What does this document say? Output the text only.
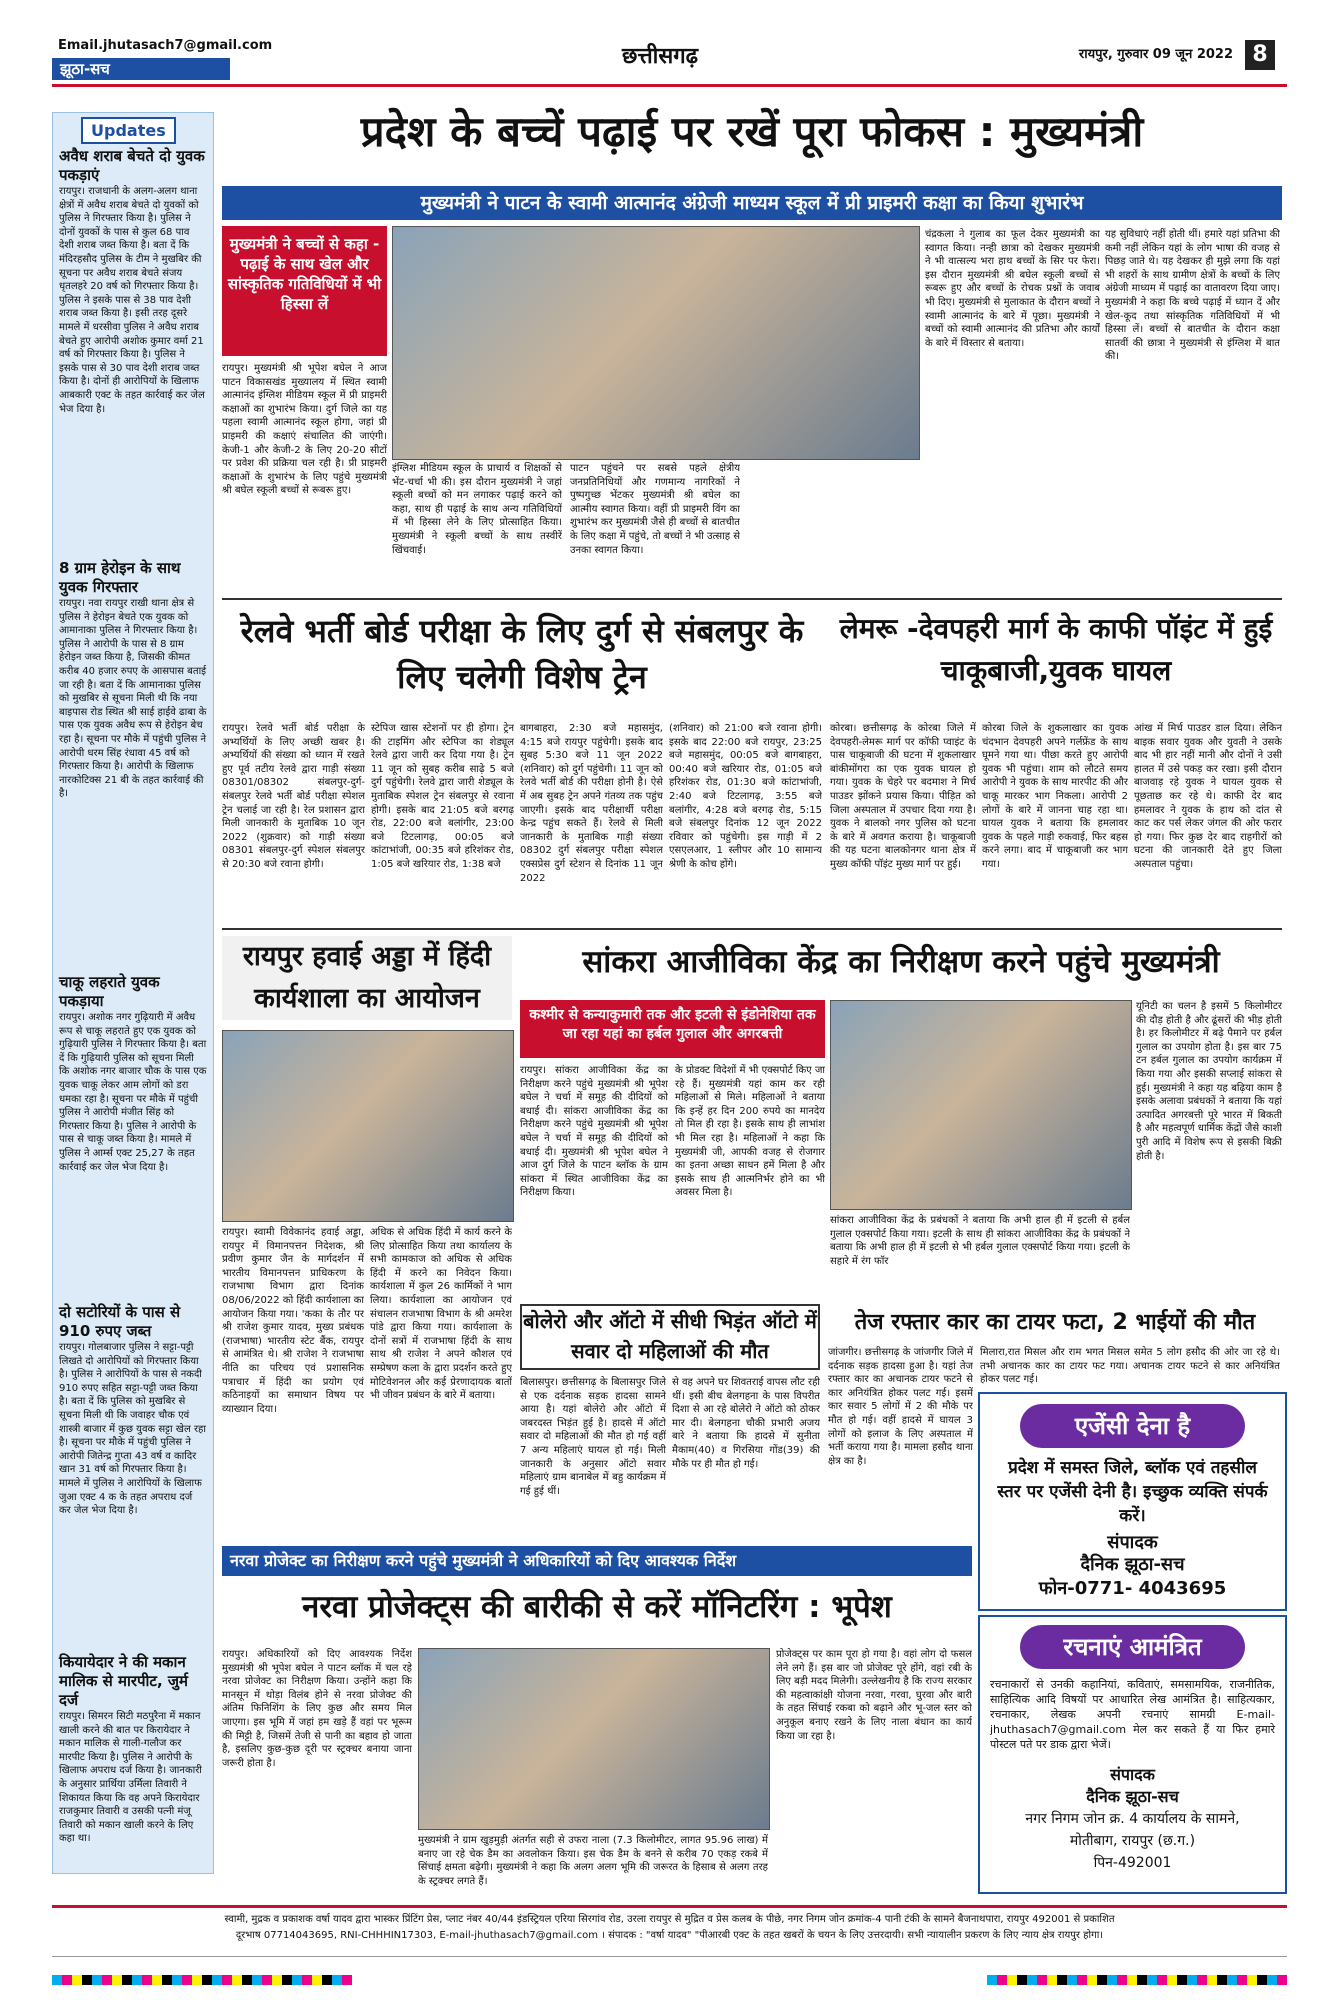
Email.jhutasach7@gmail.com
झूठा-सच	छत्तीसगढ़	रायपुर, गुरुवार 09 जून 2022 8
Updates
अवैध शराब बेचते दो युवक पकड़ाएं
रायपुर। राजधानी के अलग-अलग थाना क्षेत्रों में अवैध शराब बेचते दो युवकों को पुलिस ने गिरफ्तार किया है। पुलिस ने दोनों युवकों के पास से कुल 68 पाव देशी शराब जब्त किया है। बता दें कि मंदिरहसौद पुलिस के टीम ने मुखबिर की सूचना पर अवैध शराब बेचते संजय धृतलहरे 20 वर्ष को गिरफ्तार किया है। पुलिस ने इसके पास से 38 पाव देशी शराब जब्त किया है। इसी तरह दूसरे मामले में धरसीवा पुलिस ने अवैध शराब बेचते हुए आरोपी अशोक कुमार वर्मा 21 वर्ष को गिरफ्तार किया है। पुलिस ने इसके पास से 30 पाव देशी शराब जब्त किया है। दोनों ही आरोपियों के खिलाफ आबकारी एक्ट के तहत कार्रवाई कर जेल भेज दिया है।
8 ग्राम हेरोइन के साथ युवक गिरफ्तार
रायपुर। नवा रायपुर राखी थाना क्षेत्र से पुलिस ने हेरोइन बेचते एक युवक को आमानाका पुलिस ने गिरफ्तार किया है। पुलिस ने आरोपी के पास से 8 ग्राम हेरोइन जब्त किया है, जिसकी कीमत करीब 40 हजार रुपए के आसपास बताई जा रही है। बता दें कि आमानाका पुलिस को मुखबिर से सूचना मिली थी कि नया बाइपास रोड स्थित श्री साई हाईवे ढाबा के पास एक युवक अवैध रूप से हेरोइन बेच रहा है। सूचना पर मौके में पहुंची पुलिस ने आरोपी धरम सिंह रंधावा 45 वर्ष को गिरफ्तार किया है। आरोपी के खिलाफ नारकोटिक्स 21 बी के तहत कार्रवाई की है।
चाकू लहराते युवक पकड़ाया
रायपुर। अशोक नगर गुढ़ियारी में अवैध रूप से चाकू लहराते हुए एक युवक को गुढ़ियारी पुलिस ने गिरफ्तार किया है। बता दें कि गुढ़ियारी पुलिस को सूचना मिली कि अशोक नगर बाजार चौक के पास एक युवक चाकू लेकर आम लोगों को डरा धमका रहा है। सूचना पर मौके में पहुंची पुलिस ने आरोपी मंजीत सिंह को गिरफ्तार किया है। पुलिस ने आरोपी के पास से चाकू जब्त किया है। मामले में पुलिस ने आर्म्स एक्ट 25,27 के तहत कार्रवाई कर जेल भेज दिया है।
दो सटोरियों के पास से 910 रुपए जब्त
रायपुर। गोलबाजार पुलिस ने सट्टा-पट्टी लिखते दो आरोपियों को गिरफ्तार किया है। पुलिस ने आरोपियों के पास से नकदी 910 रुपए सहित सट्टा-पट्टी जब्त किया है। बता दें कि पुलिस को मुखबिर से सूचना मिली थी कि जवाहर चौक एवं शास्त्री बाजार में कुछ युवक सट्टा खेल रहा है। सूचना पर मौके में पहुंची पुलिस ने आरोपी जितेन्द्र गुप्ता 43 वर्ष व कादिर खान 31 वर्ष को गिरफ्तार किया है। मामले में पुलिस ने आरोपियों के खिलाफ जुआ एक्ट 4 क के तहत अपराध दर्ज कर जेल भेज दिया है।
कियायेदार ने की मकान मालिक से मारपीट, जुर्म दर्ज
रायपुर। सिमरन सिटी मठपुरैना में मकान खाली करने की बात पर किरायेदार ने मकान मालिक से गाली-गलौज कर मारपीट किया है। पुलिस ने आरोपी के खिलाफ अपराध दर्ज किया है। जानकारी के अनुसार प्रार्थिया उर्मिला तिवारी ने शिकायत किया कि वह अपने किरायेदार राजकुमार तिवारी व उसकी पत्नी मंजू तिवारी को मकान खाली करने के लिए कहा था।
प्रदेश के बच्चें पढ़ाई पर रखें पूरा फोकस : मुख्यमंत्री
मुख्यमंत्री ने पाटन के स्वामी आत्मानंद अंग्रेजी माध्यम स्कूल में प्री प्राइमरी कक्षा का किया शुभारंभ
मुख्यमंत्री ने बच्चों से कहा - पढ़ाई के साथ खेल और सांस्कृतिक गतिविधियों में भी हिस्सा लें
रायपुर। मुख्यमंत्री श्री भूपेश बघेल ने आज पाटन विकासखंड मुख्यालय में स्थित स्वामी आत्मानंद इंग्लिश मीडियम स्कूल में प्री प्राइमरी कक्षाओं का शुभारंभ किया। दुर्ग जिले का यह पहला स्वामी आत्मानंद स्कूल होगा, जहां प्री प्राइमरी की कक्षाएं संचालित की जाएंगी। केजी-1 और केजी-2 के लिए 20-20 सीटों पर प्रवेश की प्रक्रिया चल रही है। प्री प्राइमरी कक्षाओं के शुभारंभ के लिए पहुंचे मुख्यमंत्री श्री बघेल स्कूली बच्चों से रूबरू हुए।
इंग्लिश मीडियम स्कूल के प्राचार्य व शिक्षकों से भेंट-चर्चा भी की। इस दौरान मुख्यमंत्री ने जहां स्कूली बच्चों को मन लगाकर पढ़ाई करने को कहा, साथ ही पढ़ाई के साथ अन्य गतिविधियों में भी हिस्सा लेने के लिए प्रोत्साहित किया। मुख्यमंत्री ने स्कूली बच्चों के साथ तस्वीरें खिंचवाई।
पाटन पहुंचने पर सबसे पहले क्षेत्रीय जनप्रतिनिधियों और गणमान्य नागरिकों ने पुष्पगुच्छ भेंटकर मुख्यमंत्री श्री बघेल का आत्मीय स्वागत किया। वहीं प्री प्राइमरी विंग का शुभारंभ कर मुख्यमंत्री जैसे ही बच्चों से बातचीत के लिए कक्षा में पहुंचे, तो बच्चों ने भी उत्साह से उनका स्वागत किया।
चंद्रकला ने गुलाब का फूल देकर मुख्यमंत्री का स्वागत किया। नन्ही छात्रा को देखकर मुख्यमंत्री ने भी वात्सल्य भरा हाथ बच्चों के सिर पर फेरा। इस दौरान मुख्यमंत्री श्री बघेल स्कूली बच्चों से रूबरू हुए और बच्चों के रोचक प्रश्नों के जवाब भी दिए। मुख्यमंत्री से मुलाकात के दौरान बच्चों ने स्वामी आत्मानंद के बारे में पूछा। मुख्यमंत्री ने बच्चों को स्वामी आत्मानंद की प्रतिभा और कार्यों के बारे में विस्तार से बताया।
यह सुविधाएं नहीं होती थीं। हमारे यहां प्रतिभा की कमी नहीं लेकिन यहां के लोग भाषा की वजह से पिछड़ जाते थे। यह देखकर ही मुझे लगा कि यहां भी शहरों के साथ ग्रामीण क्षेत्रों के बच्चों के लिए अंग्रेजी माध्यम में पढ़ाई का वातावरण दिया जाए। मुख्यमंत्री ने कहा कि बच्चे पढ़ाई में ध्यान दें और खेल-कूद तथा सांस्कृतिक गतिविधियों में भी हिस्सा लें। बच्चों से बातचीत के दौरान कक्षा सातवीं की छात्रा ने मुख्यमंत्री से इंग्लिश में बात की।
रेलवे भर्ती बोर्ड परीक्षा के लिए दुर्ग से संबलपुर के लिए चलेगी विशेष ट्रेन
रायपुर। रेलवे भर्ती बोर्ड परीक्षा के अभ्यर्थियों के लिए अच्छी खबर है। अभ्यर्थियों की संख्या को ध्यान में रखते हुए पूर्व तटीय रेलवे द्वारा गाड़ी संख्या 08301/08302 संबलपुर-दुर्ग-संबलपुर रेलवे भर्ती बोर्ड परीक्षा स्पेशल ट्रेन चलाई जा रही है। रेल प्रशासन द्वारा मिली जानकारी के मुताबिक 10 जून 2022 (शुक्रवार) को गाड़ी संख्या 08301 संबलपुर-दुर्ग स्पेशल संबलपुर से 20:30 बजे रवाना होगी।
स्टेपिज खास स्टेशनों पर ही होगा। ट्रेन की टाइमिंग और स्टेपिज का शेड्यूल रेलवे द्वारा जारी कर दिया गया है। ट्रेन 11 जून को सुबह करीब साढ़े 5 बजे दुर्ग पहुंचेगी। रेलवे द्वारा जारी शेड्यूल के मुताबिक स्पेशल ट्रेन संबलपुर से रवाना होगी। इसके बाद 21:05 बजे बरगढ़ रोड, 22:00 बजे बलांगीर, 23:00 बजे टिटलागढ़, 00:05 बजे कांटाभांजी, 00:35 बजे हरिशंकर रोड, 1:05 बजे खरियार रोड, 1:38 बजे
बागबाहरा, 2:30 बजे महासमुंद, 4:15 बजे रायपुर पहुंचेगी। इसके बाद सुबह 5:30 बजे 11 जून 2022 (शनिवार) को दुर्ग पहुंचेगी। 11 जून को रेलवे भर्ती बोर्ड की परीक्षा होनी है। ऐसे में अब सुबह ट्रेन अपने गंतव्य तक पहुंच जाएगी। इसके बाद परीक्षार्थी परीक्षा केन्द्र पहुंच सकते हैं। रेलवे से मिली जानकारी के मुताबिक गाड़ी संख्या 08302 दुर्ग संबलपुर परीक्षा स्पेशल एक्सप्रेस दुर्ग स्टेशन से दिनांक 11 जून 2022
(शनिवार) को 21:00 बजे रवाना होगी। इसके बाद 22:00 बजे रायपुर, 23:25 बजे महासमुंद, 00:05 बजे बागबाहरा, 00:40 बजे खरियार रोड, 01:05 बजे हरिशंकर रोड, 01:30 बजे कांटाभांजी, 2:40 बजे टिटलागढ़, 3:55 बजे बलांगीर, 4:28 बजे बरगढ़ रोड, 5:15 बजे संबलपुर दिनांक 12 जून 2022 रविवार को पहुंचेगी। इस गाड़ी में 2 एसएलआर, 1 स्लीपर और 10 सामान्य श्रेणी के कोच होंगे।
लेमरू -देवपहरी मार्ग के काफी पॉइंट में हुई चाकूबाजी,युवक घायल
कोरबा। छत्तीसगढ़ के कोरबा जिले में देवपहरी-लेमरू मार्ग पर कॉफी प्वाइंट के पास चाकूबाजी की घटना में शुकलाखार बांकीमोंगरा का एक युवक घायल हो गया। युवक के चेहरे पर बदमाश ने मिर्च पाउडर झोंकने प्रयास किया। पीड़ित को जिला अस्पताल में उपचार दिया गया है। युवक ने बालको नगर पुलिस को घटना के बारे में अवगत कराया है। चाकूबाजी की यह घटना बालकोनगर थाना क्षेत्र में मुख्य कॉफी पॉइंट मुख्य मार्ग पर हुई।
कोरबा जिले के शुकलाखार का युवक चंदभान देवपहरी अपने गर्लफ्रेंड के साथ घूमने गया था। पीछा करते हुए आरोपी युवक भी पहुंचा। शाम को लौटते समय आरोपी ने युवक के साथ मारपीट की और चाकू मारकर भाग निकला। आरोपी 2 लोगों के बारे में जानना चाह रहा था। घायल युवक ने बताया कि हमलावर युवक के पहले गाड़ी रुकवाई, फिर बहस करने लगा। बाद में चाकूबाजी कर भाग गया।
आंख में मिर्च पाउडर डाल दिया। लेकिन बाइक सवार युवक और युवती ने उसके बाद भी हार नहीं मानी और दोनों ने उसी हालत में उसे पकड़ कर रखा। इसी दौरान बाजवाड़ रहे युवक ने घायल युवक से पूछताछ कर रहे थे। काफी देर बाद हमलावर ने युवक के हाथ को दांत से काट कर पर्स लेकर जंगल की ओर फरार हो गया। फिर कुछ देर बाद राहगीरों को घटना की जानकारी देते हुए जिला अस्पताल पहुंचा।
रायपुर हवाई अड्डा में हिंदी कार्यशाला का आयोजन
रायपुर। स्वामी विवेकानंद हवाई अड्डा, रायपुर में विमानपत्तन निदेशक, श्री प्रवीण कुमार जैन के मार्गदर्शन में भारतीय विमानपत्तन प्राधिकरण के राजभाषा विभाग द्वारा दिनांक 08/06/2022 को हिंदी कार्यशाला का आयोजन किया गया। 'कका के तौर पर श्री राजेश कुमार यादव, मुख्य प्रबंधक (राजभाषा) भारतीय स्टेट बैंक, रायपुर से आमंत्रित थे। श्री राजेश ने राजभाषा नीति का परिचय एवं प्रशासनिक पत्राचार में हिंदी का प्रयोग एवं कठिनाइयों का समाधान विषय पर व्याख्यान दिया।
अधिक से अधिक हिंदी में कार्य करने के लिए प्रोत्साहित किया तथा कार्यालय के सभी कामकाज को अधिक से अधिक हिंदी में करने का निवेदन किया। कार्यशाला में कुल 26 कार्मिकों ने भाग लिया। कार्यशाला का आयोजन एवं संचालन राजभाषा विभाग के श्री अमरेश पांडे द्वारा किया गया। कार्यशाला के दोनों सत्रों में राजभाषा हिंदी के साथ साथ श्री राजेश ने अपने कौशल एवं सम्प्रेषण कला के द्वारा प्रदर्शन करते हुए मोटिवेशनल और कई प्रेरणादायक बातों भी जीवन प्रबंधन के बारे में बताया।
सांकरा आजीविका केंद्र का निरीक्षण करने पहुंचे मुख्यमंत्री
कश्मीर से कन्याकुमारी तक और इटली से इंडोनेशिया तक जा रहा यहां का हर्बल गुलाल और अगरबत्ती
रायपुर। सांकरा आजीविका केंद्र का निरीक्षण करने पहुंचे मुख्यमंत्री श्री भूपेश बघेल ने चर्चा में समूह की दीदियों को बधाई दी। सांकरा आजीविका केंद्र का निरीक्षण करने पहुंचे मुख्यमंत्री श्री भूपेश बघेल ने चर्चा में समूह की दीदियों को बधाई दी। मुख्यमंत्री श्री भूपेश बघेल ने आज दुर्ग जिले के पाटन ब्लॉक के ग्राम सांकरा में स्थित आजीविका केंद्र का निरीक्षण किया।
के प्रोडक्ट विदेशों में भी एक्सपोर्ट किए जा रहे हैं। मुख्यमंत्री यहां काम कर रही महिलाओं से मिले। महिलाओं ने बताया कि इन्हें हर दिन 200 रुपये का मानदेय तो मिल ही रहा है। इसके साथ ही लाभांश भी मिल रहा है। महिलाओं ने कहा कि मुख्यमंत्री जी, आपकी वजह से रोजगार का इतना अच्छा साधन हमें मिला है और इसके साथ ही आत्मनिर्भर होने का भी अवसर मिला है।
सांकरा आजीविका केंद्र के प्रबंधकों ने बताया कि अभी हाल ही में इटली से हर्बल गुलाल एक्सपोर्ट किया गया। इटली के साथ ही सांकरा आजीविका केंद्र के प्रबंधकों ने बताया कि अभी हाल ही में इटली से भी हर्बल गुलाल एक्सपोर्ट किया गया। इटली के सहारे में रंग फॉर
यूनिटी का चलन है इसमें 5 किलोमीटर की दौड़ होती है और ढूंसरों की भीड़ होती है। हर किलोमीटर में बढ़े पैमाने पर हर्बल गुलाल का उपयोग होता है। इस बार 75 टन हर्बल गुलाल का उपयोग कार्यक्रम में किया गया और इसकी सप्लाई सांकरा से हुई। मुख्यमंत्री ने कहा यह बढ़िया काम है इसके अलावा प्रबंधकों ने बताया कि यहां उत्पादित अगरबत्ती पूरे भारत में बिकती है और महत्वपूर्ण धार्मिक केंद्रों जैसे काशी पुरी आदि में विशेष रूप से इसकी बिक्री होती है।
बोलेरो और ऑटो में सीधी भिड़ंत ऑटो में सवार दो महिलाओं की मौत
बिलासपुर। छत्तीसगढ़ के बिलासपुर जिले से एक दर्दनाक सड़क हादसा सामने आया है। यहां बोलेरो और ऑटो में जबरदस्त भिड़ंत हुई है। हादसे में ऑटो सवार दो महिलाओं की मौत हो गई वहीं 7 अन्य महिलाएं घायल हो गई। मिली जानकारी के अनुसार ऑटो सवार महिलाएं ग्राम बानाबेल में बहु कार्यक्रम में गई हुई थीं।
से वह अपने घर शिवतराई वापस लौट रही थीं। इसी बीच बेलगहना के पास विपरीत दिशा से आ रहे बोलेरो ने ऑटो को ठोकर मार दी। बेलगहना चौकी प्रभारी अजय बारे ने बताया कि हादसे में सुनीता मैकाम(40) व गिरसिया गोंड(39) की मौके पर ही मौत हो गई।
तेज रफ्तार कार का टायर फटा, 2 भाईयों की मौत
जांजगीर। छत्तीसगढ़ के जांजगीर जिले में दर्दनाक सड़क हादसा हुआ है। यहां तेज रफ्तार कार का अचानक टायर फटने से कार अनियंत्रित होकर पलट गई। इसमें कार सवार 5 लोगों में 2 की मौके पर मौत हो गई। वहीं हादसे में घायल 3 लोगों को इलाज के लिए अस्पताल में भर्ती कराया गया है। मामला हसौद थाना क्षेत्र का है।
मिलारा,रात मिसल और राम भगत मिसल समेत 5 लोग हसौद की ओर जा रहे थे। तभी अचानक कार का टायर फट गया। अचानक टायर फटने से कार अनियंत्रित होकर पलट गई।
एजेंसी देना है
प्रदेश में समस्त जिले, ब्लॉक एवं तहसील स्तर पर एजेंसी देनी है। इच्छुक व्यक्ति संपर्क करें।
संपादक
दैनिक झूठा-सच
फोन-0771- 4043695
रचनाएं आमंत्रित
रचनाकारों से उनकी कहानियां, कविताएं, समसामयिक, राजनीतिक, साहित्यिक आदि विषयों पर आधारित लेख आमंत्रित है। साहित्यकार, रचनाकार, लेखक अपनी रचनाएं सामग्री E-mail-jhuthasach7@gmail.com मेल कर सकते हैं या फिर हमारे पोस्टल पते पर डाक द्वारा भेजें।
संपादक
दैनिक झूठा-सच
नगर निगम जोन क्र. 4 कार्यालय के सामने,
मोतीबाग, रायपुर (छ.ग.)
पिन-492001
नरवा प्रोजेक्ट का निरीक्षण करने पहुंचे मुख्यमंत्री ने अधिकारियों को दिए आवश्यक निर्देश
नरवा प्रोजेक्ट्स की बारीकी से करें मॉनिटरिंग : भूपेश
रायपुर। अधिकारियों को दिए आवश्यक निर्देश मुख्यमंत्री श्री भूपेश बघेल ने पाटन ब्लॉक में चल रहे नरवा प्रोजेक्ट का निरीक्षण किया। उन्होंने कहा कि मानसून में थोड़ा विलंब होने से नरवा प्रोजेक्ट की अंतिम फिनिशिंग के लिए कुछ और समय मिल जाएगा। इस भूमि में जहां हम खड़े हैं वहां पर भूरूम की मिट्टी है, जिसमें तेजी से पानी का बहाव हो जाता है, इसलिए कुछ-कुछ दूरी पर स्ट्रक्चर बनाया जाना जरूरी होता है।
मुख्यमंत्री ने ग्राम खुड़मुड़ी अंतर्गत सही से उफरा नाला (7.3 किलोमीटर, लागत 95.96 लाख) में बनाए जा रहे चेक डैम का अवलोकन किया। इस चेक डैम के बनने से करीब 70 एकड़ रकबे में सिंचाई क्षमता बढ़ेगी। मुख्यमंत्री ने कहा कि अलग अलग भूमि की जरूरत के हिसाब से अलग तरह के स्ट्रक्चर लगते हैं।
प्रोजेक्ट्स पर काम पूरा हो गया है। वहां लोग दो फसल लेने लगे हैं। इस बार जो प्रोजेक्ट पूरे होंगे, वहां रबी के लिए बड़ी मदद मिलेगी। उल्लेखनीय है कि राज्य सरकार की महत्वाकांक्षी योजना नरवा, गरवा, घुरवा और बारी के तहत सिंचाई रकबा को बढ़ाने और भू-जल स्तर को अनुकूल बनाए रखने के लिए नाला बंधान का कार्य किया जा रहा है।
स्वामी, मुद्रक व प्रकाशक वर्षा यादव द्वारा भास्कर प्रिंटिंग प्रेस, प्लाट नंबर 40/44 इंडस्ट्रियल एरिया सिरगांव रोड, उरला रायपुर से मुद्रित व प्रेस कलब के पीछे, नगर निगम जोन क्रमांक-4 पानी टंकी के सामने बैजनाथपारा, रायपुर 492001 से प्रकाशित
दूरभाष 07714043695, RNI-CHHHIN17303, E-mail-jhuthasach7@gmail.com । संपादक : "वर्षा यादव" "पीआरबी एक्ट के तहत खबरों के चयन के लिए उत्तरदायी। सभी न्यायालीन प्रकरण के लिए न्याय क्षेत्र रायपुर होगा।
